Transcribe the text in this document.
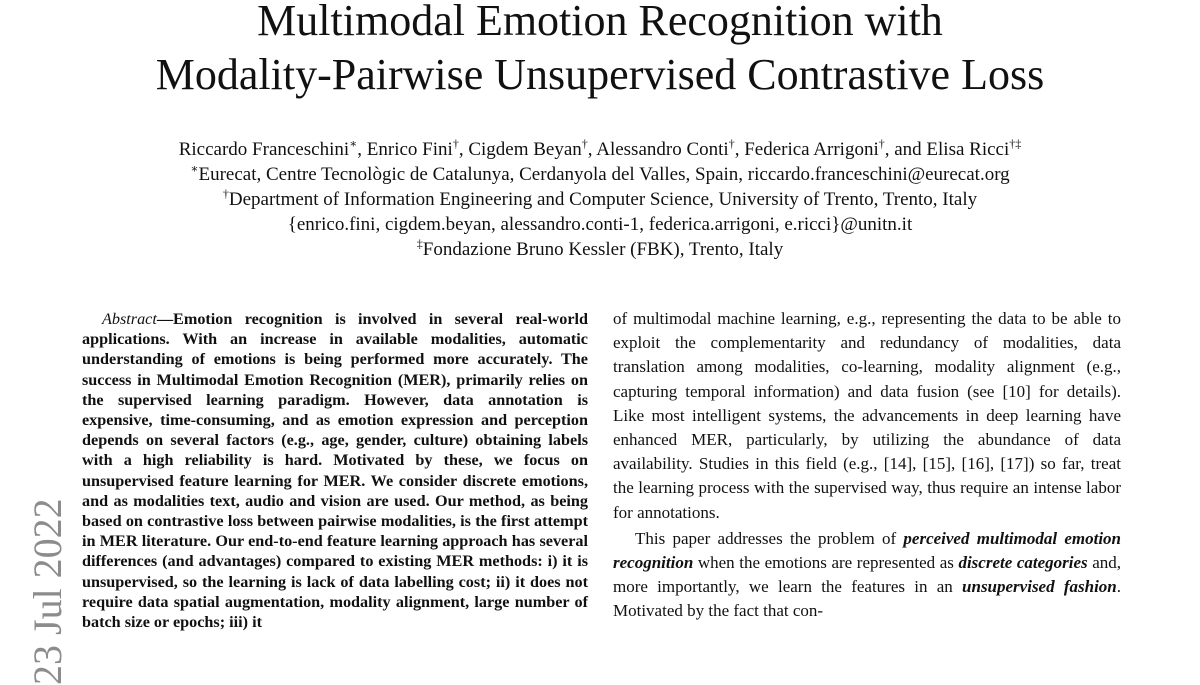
Multimodal Emotion Recognition with
Modality-Pairwise Unsupervised Contrastive Loss
Riccardo Franceschini∗, Enrico Fini†, Cigdem Beyan†, Alessandro Conti†, Federica Arrigoni†, and Elisa Ricci†‡
∗Eurecat, Centre Tecnològic de Catalunya, Cerdanyola del Valles, Spain, riccardo.franceschini@eurecat.org
†Department of Information Engineering and Computer Science, University of Trento, Trento, Italy
{enrico.fini, cigdem.beyan, alessandro.conti-1, federica.arrigoni, e.ricci}@unitn.it
‡Fondazione Bruno Kessler (FBK), Trento, Italy
23 Jul 2022

Abstract—Emotion recognition is involved in several real-world applications. With an increase in available modalities, automatic understanding of emotions is being performed more accurately. The success in Multimodal Emotion Recognition (MER), primarily relies on the supervised learning paradigm. However, data annotation is expensive, time-consuming, and as emotion expression and perception depends on several factors (e.g., age, gender, culture) obtaining labels with a high reliability is hard. Motivated by these, we focus on unsupervised feature learning for MER. We consider discrete emotions, and as modalities text, audio and vision are used. Our method, as being based on contrastive loss between pairwise modalities, is the first attempt in MER literature. Our end-to-end feature learning approach has several differences (and advantages) compared to existing MER methods: i) it is unsupervised, so the learning is lack of data labelling cost; ii) it does not require data spatial augmentation, modality alignment, large number of batch size or epochs; iii) it

of multimodal machine learning, e.g., representing the data to be able to exploit the complementarity and redundancy of modalities, data translation among modalities, co-learning, modality alignment (e.g., capturing temporal information) and data fusion (see [10] for details). Like most intelligent systems, the advancements in deep learning have enhanced MER, particularly, by utilizing the abundance of data availability. Studies in this field (e.g., [14], [15], [16], [17]) so far, treat the learning process with the supervised way, thus require an intense labor for annotations.

This paper addresses the problem of perceived multimodal emotion recognition when the emotions are represented as discrete categories and, more importantly, we learn the features in an unsupervised fashion. Motivated by the fact that con-
